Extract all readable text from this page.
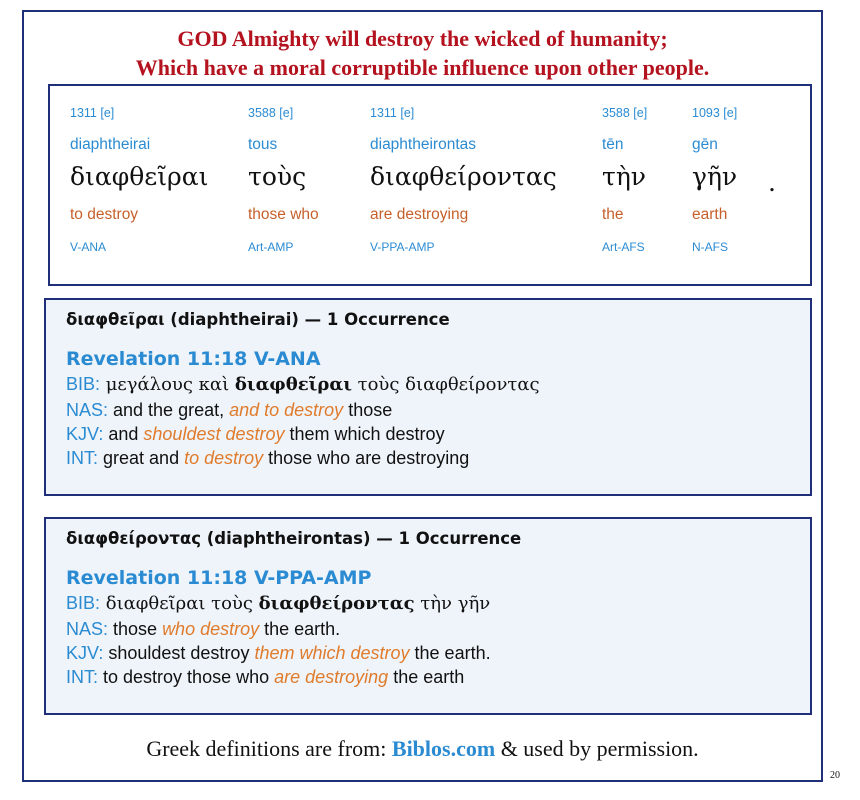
GOD Almighty will destroy the wicked of humanity;
Which have a moral corruptible influence upon other people.
1311 [e]
diaphtheirai
διαφθεῖραι
to destroy
V-ANA
3588 [e]
tous
τοὺς
those who
Art-AMP
1311 [e]
diaphtheirontas
διαφθείροντας
are destroying
V-PPA-AMP
3588 [e]
tēn
τὴν
the
Art-AFS
1093 [e]
gēn
γῆν
earth
N-AFS
.
διαφθεῖραι (diaphtheirai) — 1 Occurrence
Revelation 11:18 V-ANA
BIB: μεγάλους καὶ διαφθεῖραι τοὺς διαφθείροντας
NAS: and the great, and to destroy those
KJV: and shouldest destroy them which destroy
INT: great and to destroy those who are destroying
διαφθείροντας (diaphtheirontas) — 1 Occurrence
Revelation 11:18 V-PPA-AMP
BIB: διαφθεῖραι τοὺς διαφθείροντας τὴν γῆν
NAS: those who destroy the earth.
KJV: shouldest destroy them which destroy the earth.
INT: to destroy those who are destroying the earth
Greek definitions are from: Biblos.com & used by permission.
20
